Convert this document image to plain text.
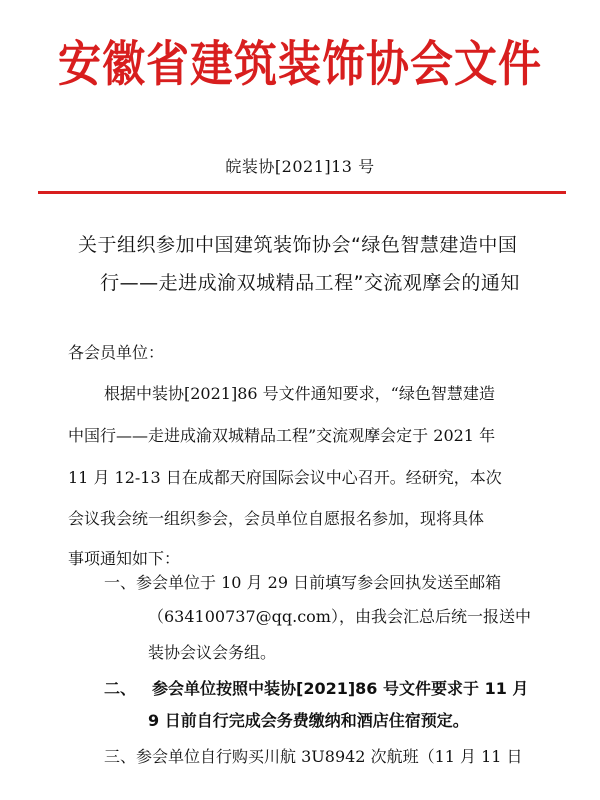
安徽省建筑装饰协会文件
皖装协[2021]13 号
关于组织参加中国建筑装饰协会“绿色智慧建造中国
行——走进成渝双城精品工程”交流观摩会的通知
各会员单位：
根据中装协[2021]86 号文件通知要求，“绿色智慧建造
中国行——走进成渝双城精品工程”交流观摩会定于 2021 年
11 月 12-13 日在成都天府国际会议中心召开。经研究，本次
会议我会统一组织参会，会员单位自愿报名参加，现将具体
事项通知如下：
一、参会单位于 10 月 29 日前填写参会回执发送至邮箱
（634100737@qq.com），由我会汇总后统一报送中
装协会议会务组。
二、 参会单位按照中装协[2021]86 号文件要求于 11 月
9 日前自行完成会务费缴纳和酒店住宿预定。
三、参会单位自行购买川航 3U8942 次航班（11 月 11 日
